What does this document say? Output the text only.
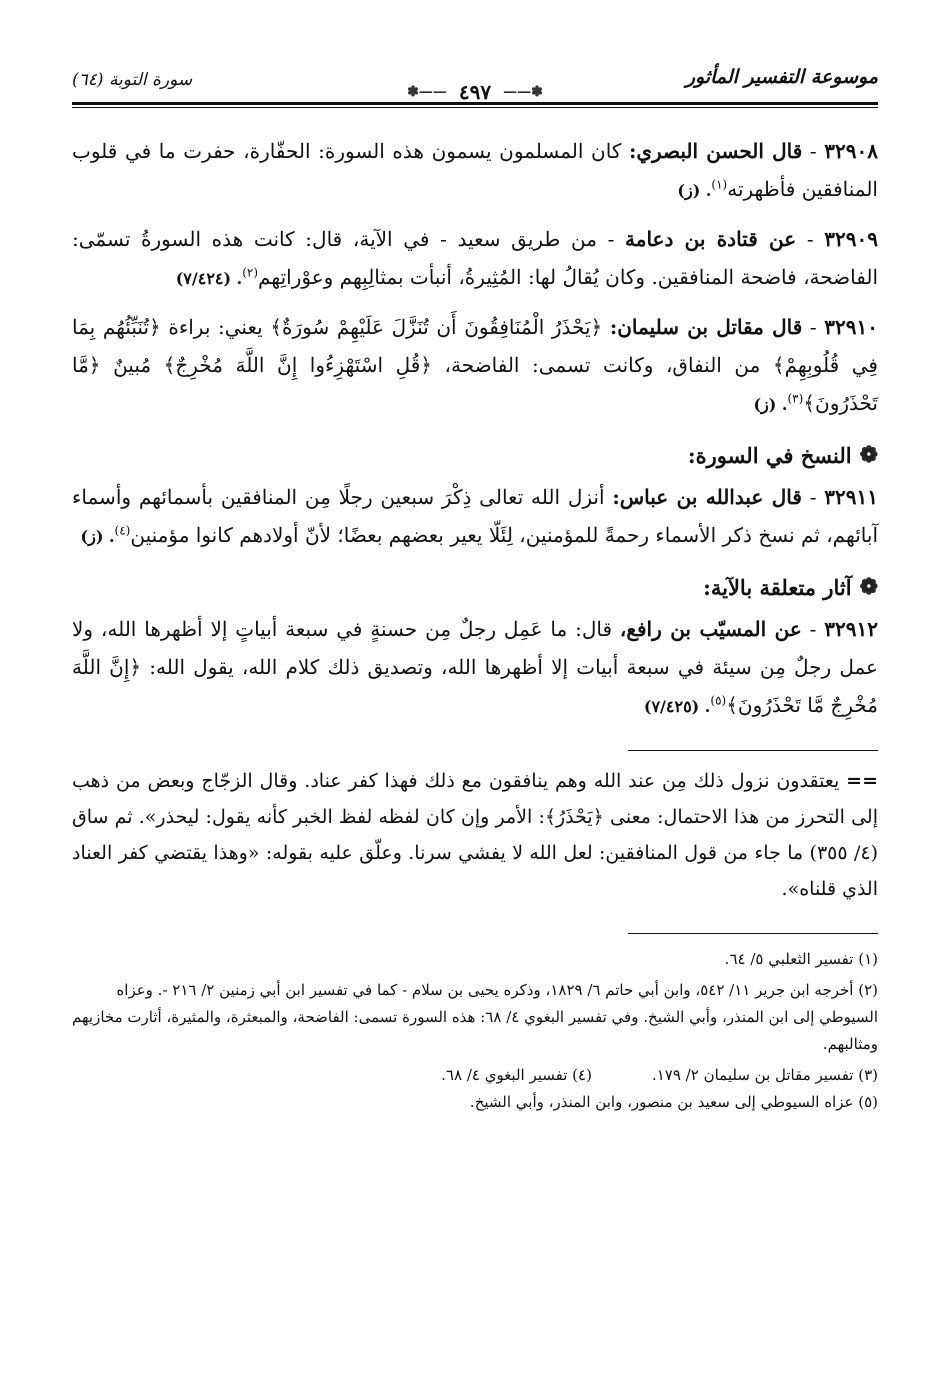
موسوعة التفسير المأثور
✽—— ٤٩٧ ——✽
سورة التوبة (٦٤)

٣٢٩٠٨ - قال الحسن البصري: كان المسلمون يسمون هذه السورة: الحفّارة، حفرت ما في قلوب المنافقين فأظهرته$^{(١)}$. (ز)

٣٢٩٠٩ - عن قتادة بن دعامة - من طريق سعيد - في الآية، قال: كانت هذه السورةُ تسمّى: الفاضحة، فاضحة المنافقين. وكان يُقالُ لها: المُثِيرةُ، أنبأت بمثالِبِهم وعوْراتِهم$^{(٢)}$. (٧/٤٢٤)

٣٢٩١٠ - قال مقاتل بن سليمان: ﴿يَحْذَرُ الْمُنَافِقُونَ أَن تُنَزَّلَ عَلَيْهِمْ سُورَةٌ﴾ يعني: براءة ﴿تُنَبِّئُهُم بِمَا فِي قُلُوبِهِمْ﴾ من النفاق، وكانت تسمى: الفاضحة، ﴿قُلِ اسْتَهْزِءُوا إِنَّ اللَّهَ مُخْرِجٌ﴾ مُبينٌ ﴿مَّا تَحْذَرُونَ﴾$^{(٣)}$. (ز)

❁
النسخ في السورة:

٣٢٩١١ - قال عبدالله بن عباس: أنزل الله تعالى ذِكْرَ سبعين رجلًا مِن المنافقين بأسمائهم وأسماء آبائهم، ثم نسخ ذكر الأسماء رحمةً للمؤمنين، لِئَلّا يعير بعضهم بعضًا؛ لأنّ أولادهم كانوا مؤمنين$^{(٤)}$. (ز)

❁
آثار متعلقة بالآية:

٣٢٩١٢ - عن المسيّب بن رافع، قال: ما عَمِل رجلٌ مِن حسنةٍ في سبعة أبياتٍ إلا أظهرها الله، ولا عمل رجلٌ مِن سيئة في سبعة أبيات إلا أظهرها الله، وتصديق ذلك كلام الله، يقول الله: ﴿إِنَّ اللَّهَ مُخْرِجٌ مَّا تَحْذَرُونَ﴾$^{(٥)}$. (٧/٤٢٥)

== يعتقدون نزول ذلك مِن عند الله وهم ينافقون مع ذلك فهذا كفر عناد. وقال الزجّاج وبعض من ذهب إلى التحرز من هذا الاحتمال: معنى ﴿يَحْذَرُ﴾: الأمر وإن كان لفظه لفظ الخبر كأنه يقول: ليحذر». ثم ساق (٤/ ٣٥٥) ما جاء من قول المنافقين: لعل الله لا يفشي سرنا. وعلّق عليه بقوله: «وهذا يقتضي كفر العناد الذي قلناه».

(١) تفسير الثعلبي ٥/ ٦٤.

(٢) أخرجه ابن جرير ١١/ ٥٤٢، وابن أبي حاتم ٦/ ١٨٢٩، وذكره يحيى بن سلام - كما في تفسير ابن أبي زمنين ٢/ ٢١٦ -. وعزاه السيوطي إلى ابن المنذر، وأبي الشيخ. وفي تفسير البغوي ٤/ ٦٨: هذه السورة تسمى: الفاضحة، والمبعثرة، والمثيرة، أثارت مخازيهم ومثالبهم.

(٣) تفسير مقاتل بن سليمان ٢/ ١٧٩.
(٤) تفسير البغوي ٤/ ٦٨.

(٥) عزاه السيوطي إلى سعيد بن منصور، وابن المنذر، وأبي الشيخ.
